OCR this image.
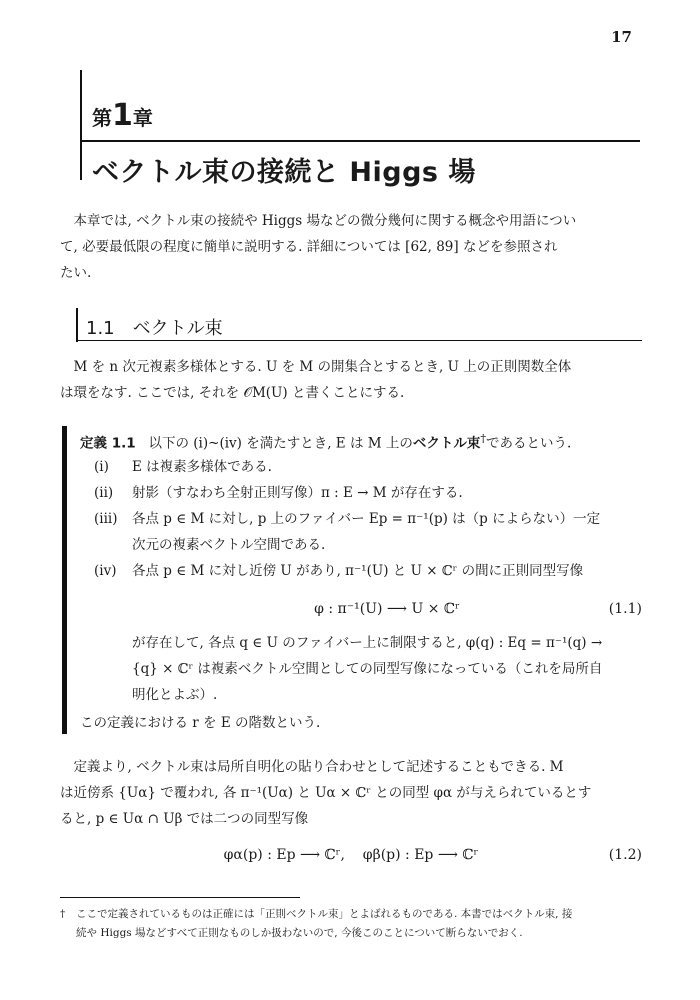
17
第1章
ベクトル束の接続と Higgs 場
本章では, ベクトル束の接続や Higgs 場などの微分幾何に関する概念や用語につい
て, 必要最低限の程度に簡単に説明する. 詳細については [62, 89] などを参照され
たい.
1.1 ベクトル束
M を n 次元複素多様体とする. U を M の開集合とするとき, U 上の正則関数全体
は環をなす. ここでは, それを 𝒪M(U) と書くことにする.
定義 1.1 以下の (i)~(iv) を満たすとき, E は M 上のベクトル束†であるという.
(i) E は複素多様体である.
(ii) 射影（すなわち全射正則写像）π : E → M が存在する.
(iii) 各点 p ∈ M に対し, p 上のファイバー Ep = π⁻¹(p) は（p によらない）一定
次元の複素ベクトル空間である.
(iv) 各点 p ∈ M に対し近傍 U があり, π⁻¹(U) と U × ℂʳ の間に正則同型写像
φ : π⁻¹(U) ⟶ U × ℂʳ	(1.1)
が存在して, 各点 q ∈ U のファイバー上に制限すると, φ(q) : Eq = π⁻¹(q) →
{q} × ℂʳ は複素ベクトル空間としての同型写像になっている（これを局所自
明化とよぶ）.
この定義における r を E の階数という.
定義より, ベクトル束は局所自明化の貼り合わせとして記述することもできる. M
は近傍系 {Uα} で覆われ, 各 π⁻¹(Uα) と Uα × ℂʳ との同型 φα が与えられているとす
ると, p ∈ Uα ∩ Uβ では二つの同型写像
φα(p) : Ep ⟶ ℂʳ,    φβ(p) : Ep ⟶ ℂʳ	(1.2)
† ここで定義されているものは正確には「正則ベクトル束」とよばれるものである. 本書ではベクトル束, 接
続や Higgs 場などすべて正則なものしか扱わないので, 今後このことについて断らないでおく.
